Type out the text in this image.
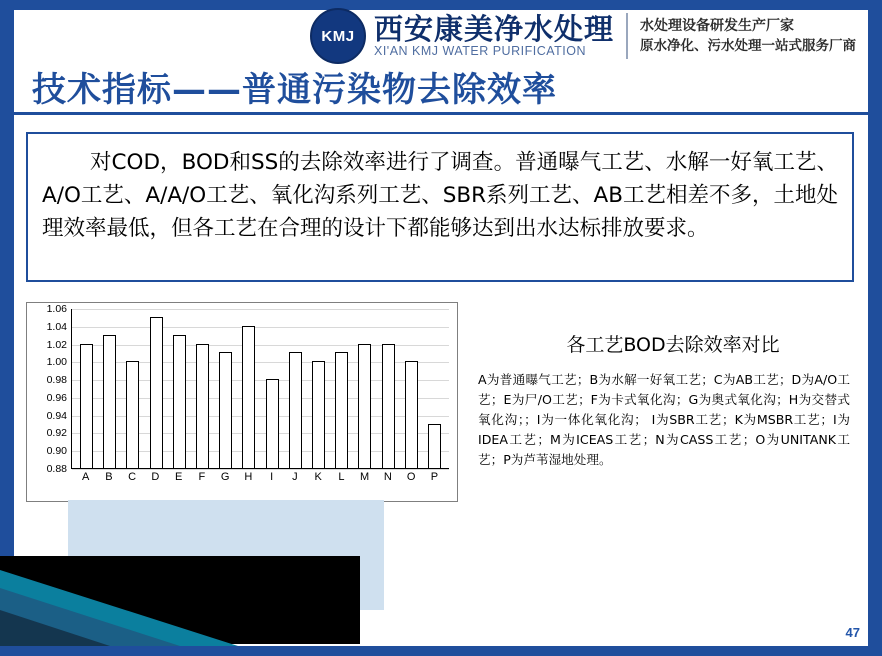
KMJ 西安康美净水处理
XI'AN KMJ WATER PURIFICATION
水处理设备研发生产厂家
原水净化、污水处理一站式服务厂商
技术指标——普通污染物去除效率
对COD，BOD和SS的去除效率进行了调查。普通曝气工艺、水解一好氧工艺、A/O工艺、A/A/O工艺、氧化沟系列工艺、SBR系列工艺、AB工艺相差不多，土地处理效率最低，但各工艺在合理的设计下都能够达到出水达标排放要求。
1.06
1.04
1.02
1.00
0.98
0.96
0.94
0.92
0.90
0.88
A B C D E F G H	I	J	K	L	M N O P
各工艺BOD去除效率对比
A为普通曝气工艺；B为水解一好氧工艺；C为AB工艺；D为A/O工艺；E为尸/O工艺；F为卡式氧化沟；G为奥式氧化沟；H为交替式氧化沟；；I为一体化氧化沟； I为SBR工艺；K为MSBR工艺；I为IDEA工艺；M为ICEAS工艺；N为CASS工艺；O为UNITANK工艺；P为芦苇湿地处理。
47
